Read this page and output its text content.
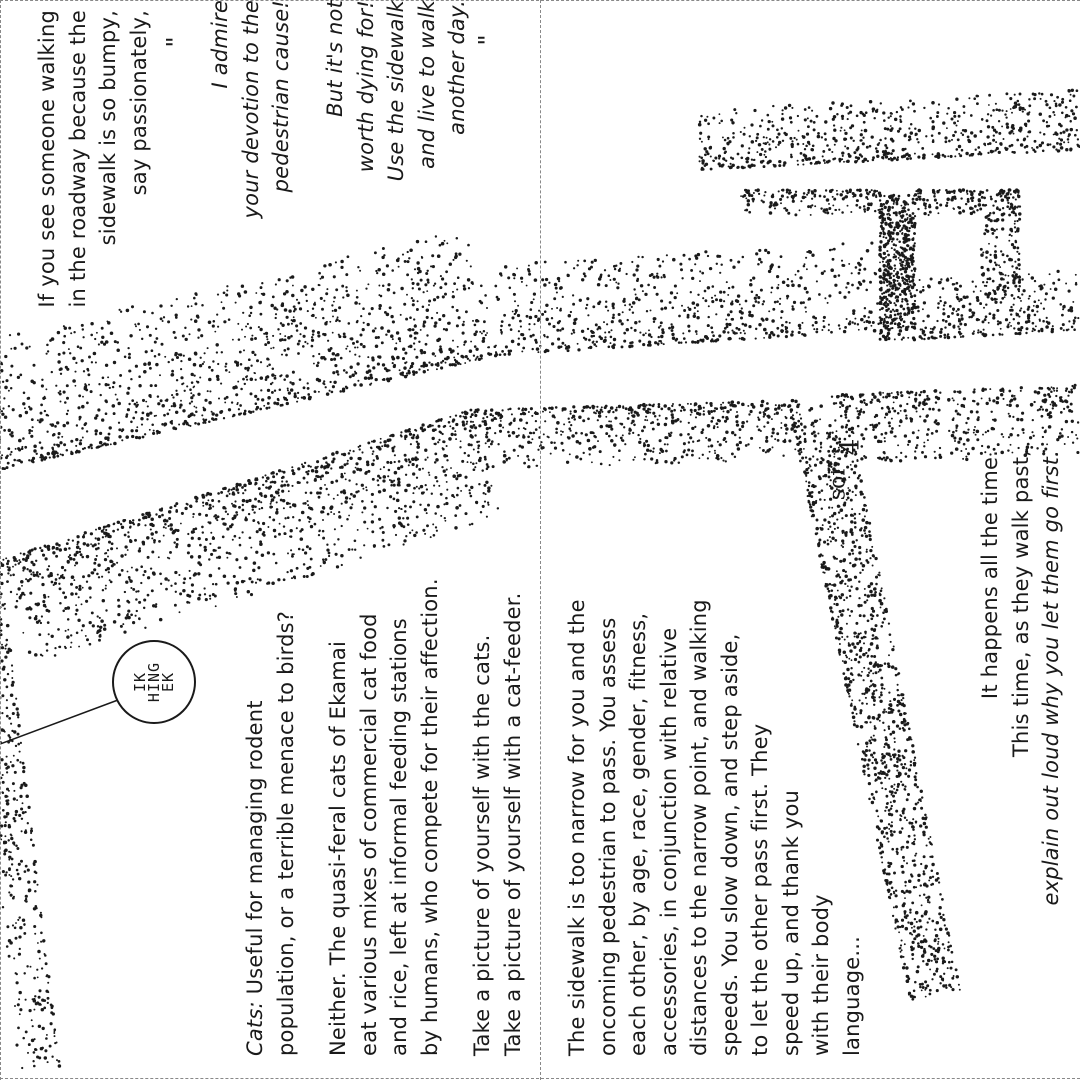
If you see someone walking in the roadway because the sidewalk is so bumpy, say passionately, " I admire your devotion to the pedestrian cause! But it's not worth dying for! Use the sidewalk and live to walk another day. "
Cats: Useful for managing rodent population, or a terrible menace to birds? Neither. The quasi-feral cats of Ekamai eat various mixes of commercial cat food and rice, left at informal feeding stations by humans, who compete for their affection. Take a picture of yourself with the cats. Take a picture of yourself with a cat-feeder. The sidewalk is too narrow for you and the oncoming pedestrian to pass. You assess each other, by age, race, gender, fitness, accessories, in conjunction with relative distances to the narrow point, and walking speeds. You slow down, and step aside, to let the other pass first. They speed up, and thank you with their body language...
It happens all the time. This time, as they walk past, explain out loud why you let them go first.
4
soi
IK HING EK
